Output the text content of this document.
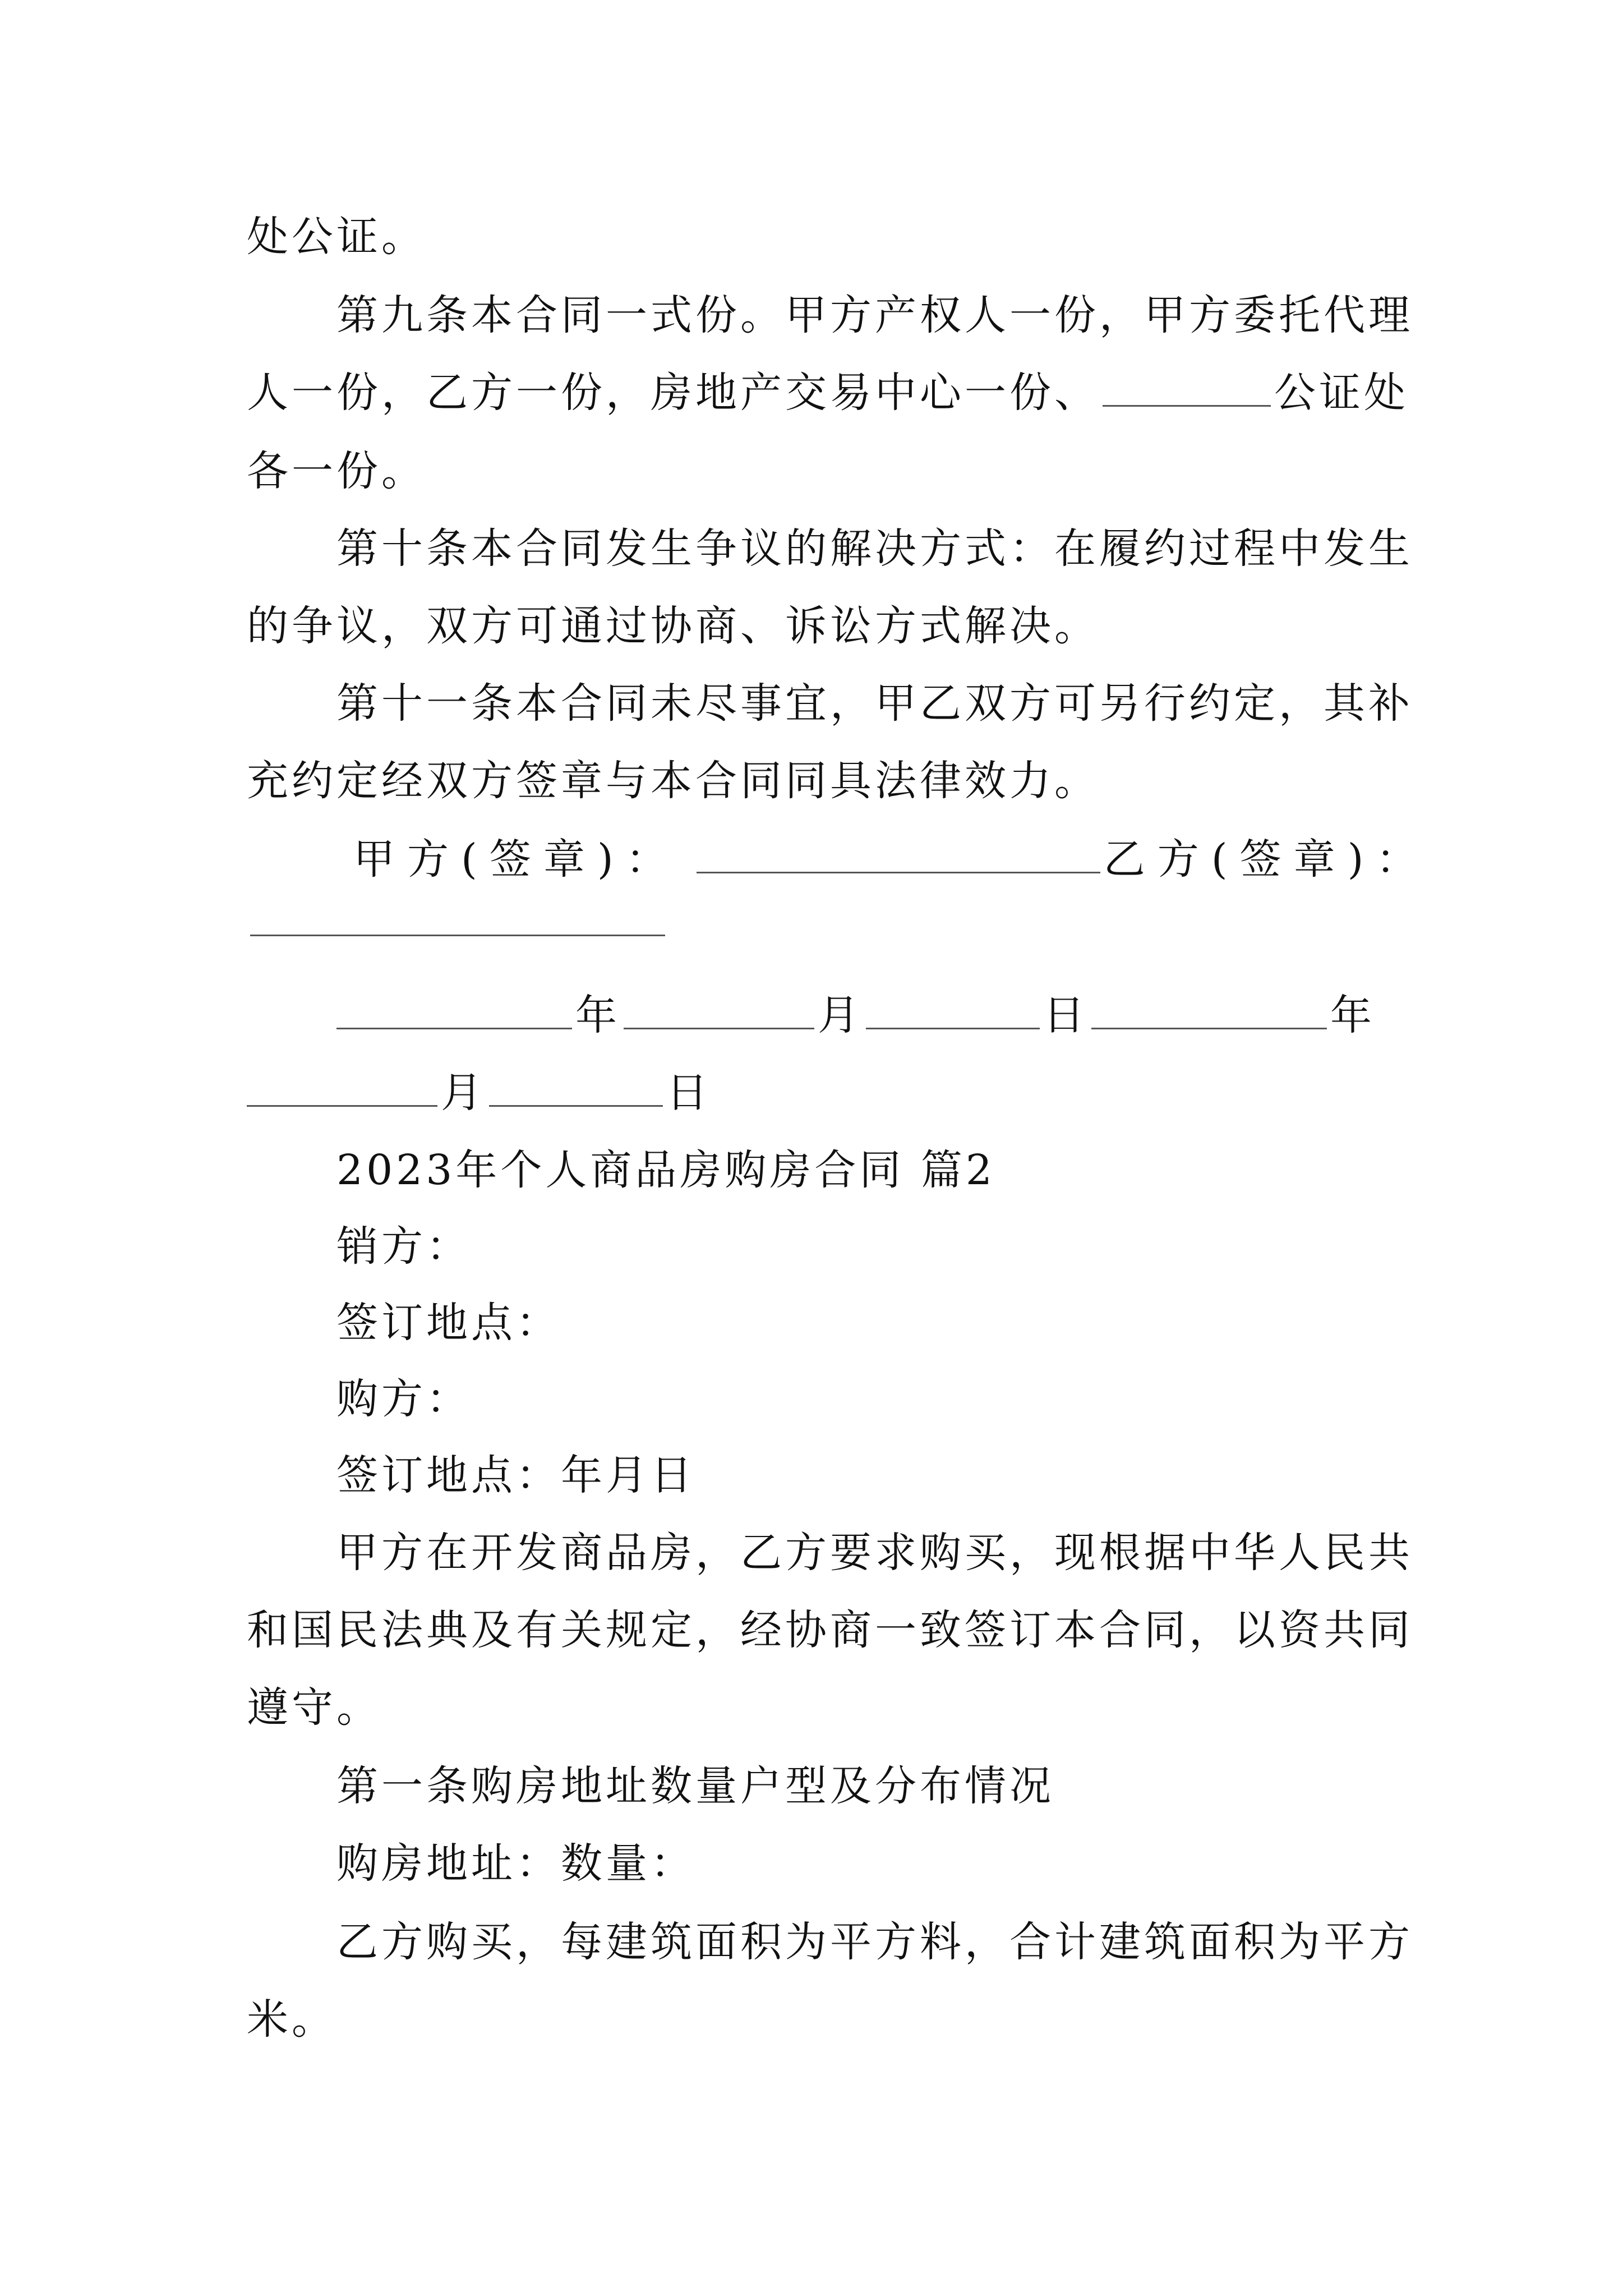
处公证。
第九条本合同一式份。甲方产权人一份，甲方委托代理
人一份，乙方一份，房地产交易中心一份、	公证处
各一份。
第十条本合同发生争议的解决方式：在履约过程中发生
的争议，双方可通过协商、诉讼方式解决。
第十一条本合同未尽事宜，甲乙双方可另行约定，其补
充约定经双方签章与本合同同具法律效力。
甲方(签章)：	乙方(签章)：
年	月	日	年
月	日
2023年个人商品房购房合同 篇2
销方：
签订地点：
购方：
签订地点：年月日
甲方在开发商品房，乙方要求购买，现根据中华人民共
和国民法典及有关规定，经协商一致签订本合同，以资共同
遵守。
第一条购房地址数量户型及分布情况
购房地址：数量：
乙方购买，每建筑面积为平方料，合计建筑面积为平方
米。
